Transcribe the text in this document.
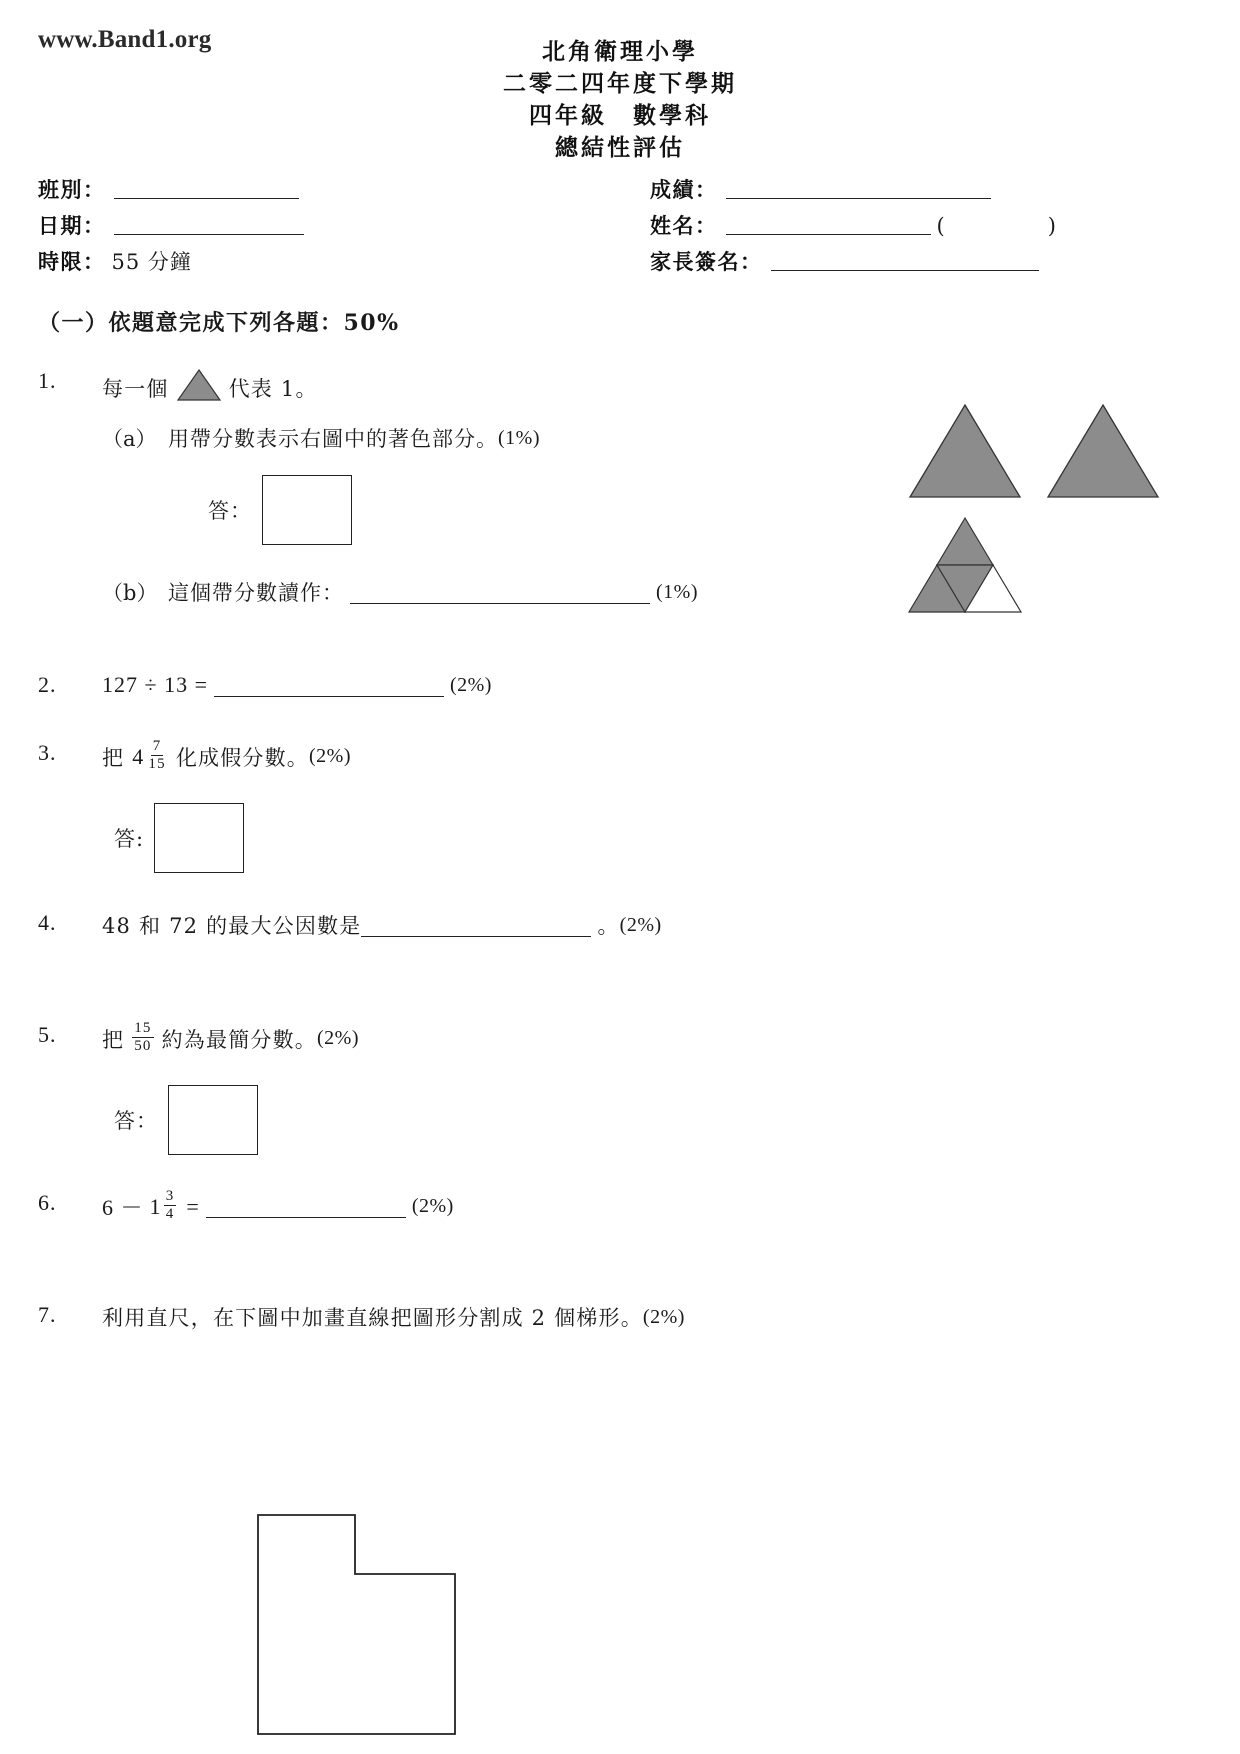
www.Band1.org	北角衛理小學
二零二四年度下學期
四年級　數學科
總結性評估
班別：
日期：
時限： 55 分鐘
成績：
姓名：	(　　　)
家長簽名：
（一）依題意完成下列各題：50%
1.	每一個	代表 1。
（a） 用帶分數表示右圖中的著色部分。 (1%)
答：
（b） 這個帶分數讀作：	(1%)
2.	127 ÷ 13 =	(2%)
3.	把 $4 \frac{7}{15}$ 化成假分數。 (2%)
答:
4.	48 和 72 的最大公因數是	。 (2%)
5.	把 $\frac{15}{50}$ 約為最簡分數。 (2%)
答：
6.	$6 - 1 \frac{3}{4}$ =	(2%)
7.	利用直尺，在下圖中加畫直線把圖形分割成 2 個梯形。 (2%)
